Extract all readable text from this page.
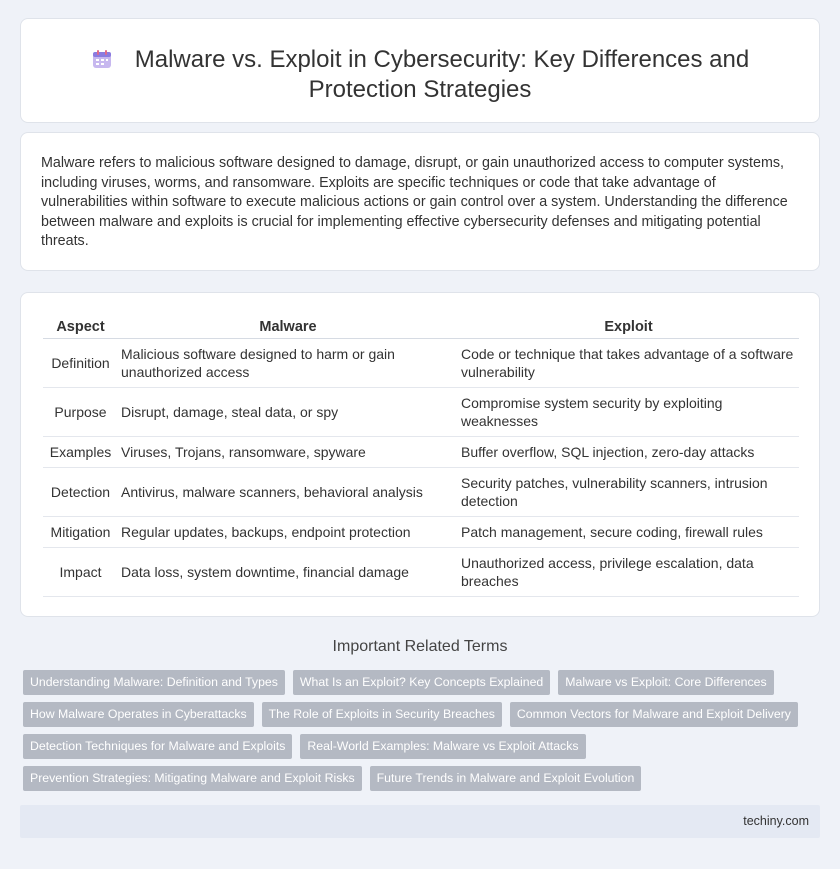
Malware vs. Exploit in Cybersecurity: Key Differences and
Protection Strategies

Malware refers to malicious software designed to damage, disrupt, or gain unauthorized access to computer systems, including viruses, worms, and ransomware. Exploits are specific techniques or code that take advantage of vulnerabilities within software to execute malicious actions or gain control over a system. Understanding the difference between malware and exploits is crucial for implementing effective cybersecurity defenses and mitigating potential threats.

Aspect	Malware	Exploit
Definition	Malicious software designed to harm or gain unauthorized access	Code or technique that takes advantage of a software vulnerability
Purpose	Disrupt, damage, steal data, or spy	Compromise system security by exploiting weaknesses
Examples	Viruses, Trojans, ransomware, spyware	Buffer overflow, SQL injection, zero-day attacks
Detection	Antivirus, malware scanners, behavioral analysis	Security patches, vulnerability scanners, intrusion detection
Mitigation	Regular updates, backups, endpoint protection	Patch management, secure coding, firewall rules
Impact	Data loss, system downtime, financial damage	Unauthorized access, privilege escalation, data breaches
Important Related Terms
Understanding Malware: Definition and Types	What Is an Exploit? Key Concepts Explained	Malware vs Exploit: Core Differences
How Malware Operates in Cyberattacks	The Role of Exploits in Security Breaches	Common Vectors for Malware and Exploit Delivery
Detection Techniques for Malware and Exploits	Real-World Examples: Malware vs Exploit Attacks
Prevention Strategies: Mitigating Malware and Exploit Risks	Future Trends in Malware and Exploit Evolution
techiny.com
